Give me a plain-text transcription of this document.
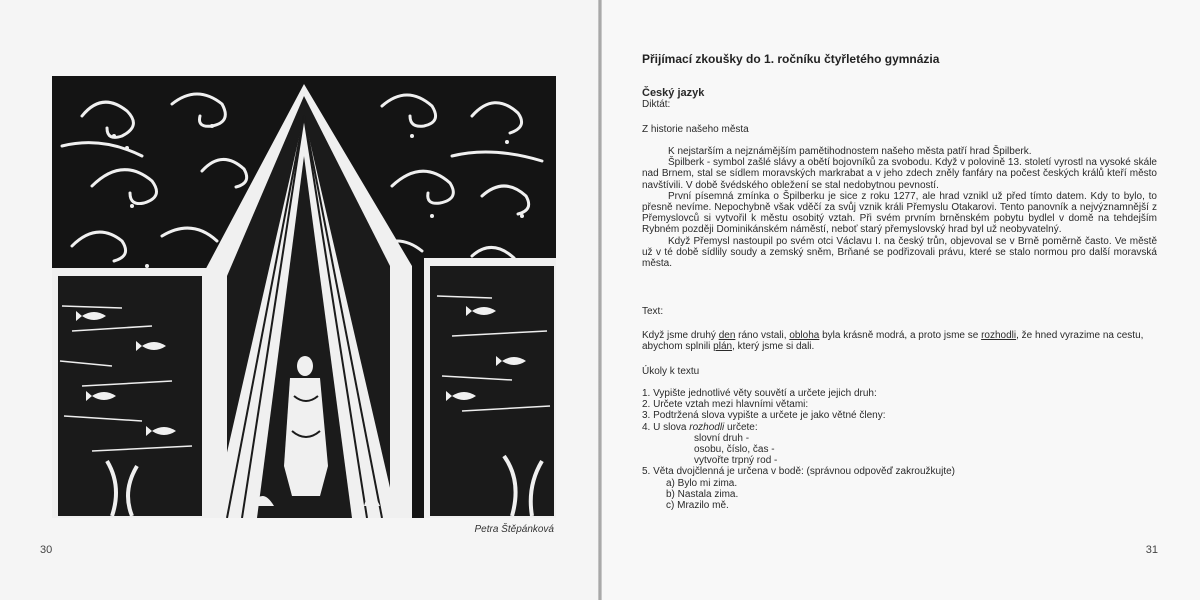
Petra Štěpánková
30
Přijímací zkoušky do 1. ročníku čtyřletého gymnázia
Český jazyk
Diktát:
Z historie našeho města

K nejstarším a nejznámějším pamětihodnostem našeho města patří hrad Špilberk.

Špilberk - symbol zašlé slávy a obětí bojovníků za svobodu. Když v polovině 13. století vyrostl na vysoké skále nad Brnem, stal se sídlem moravských markrabat a v jeho zdech zněly fanfáry na počest českých králů kteří město navštívili. V době švédského obležení se stal nedobytnou pevností.

První písemná zmínka o Špilberku je sice z roku 1277, ale hrad vznikl už před tímto datem. Kdy to bylo, to přesně nevíme. Nepochybně však vděčí za svůj vznik králi Přemyslu Otakarovi. Tento panovník a nejvýznamnější z Přemyslovců si vytvořil k městu osobitý vztah. Při svém prvním brněnském pobytu bydlel v domě na tehdejším Rybném později Dominikánském náměstí, neboť starý přemyslovský hrad byl už neobyvatelný.

Když Přemysl nastoupil po svém otci Václavu I. na český trůn, objevoval se v Brně poměrně často. Ve městě už v té době sídlily soudy a zemský sněm, Brňané se podřizovali právu, které se stalo normou pro další moravská města.

Text:
Když jsme druhý den ráno vstali, obloha byla krásně modrá, a proto jsme se rozhodli, že hned vyrazime na cestu, abychom splnili plán, který jsme si dali.
Úkoly k textu
1. Vypište jednotlivé věty souvětí a určete jejich druh:
2. Určete vztah mezi hlavními větami:
3. Podtržená slova vypište a určete je jako větné členy:
4. U slova rozhodli určete:
slovní druh -
osobu, číslo, čas -
vytvořte trpný rod -
5. Věta dvojčlenná je určena v bodě: (správnou odpověď zakroužkujte)
a) Bylo mi zima.
b) Nastala zima.
c) Mrazilo mě.
31
